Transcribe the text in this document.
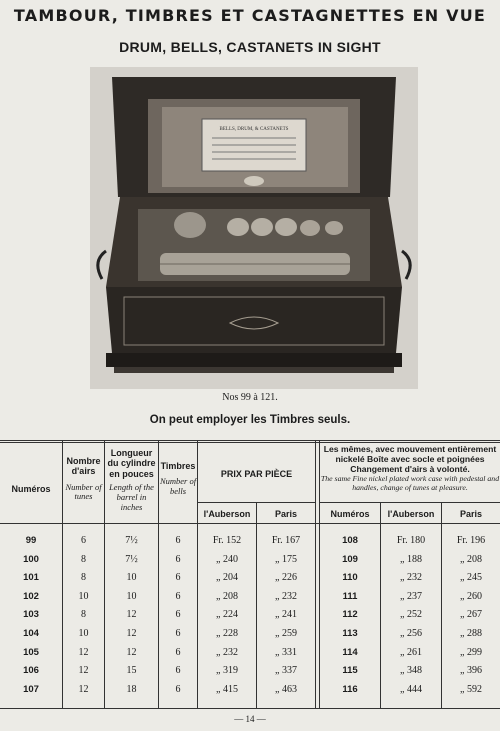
TAMBOUR, TIMBRES ET CASTAGNETTES EN VUE
DRUM, BELLS, CASTANETS IN SIGHT
BELLS, DRUM, & CASTANETS
Nos 99 à 121.
On peut employer les Timbres seuls.
Numéros
Nombre d'airs
Number of tunes
Longueur du cylindre en pouces
Length of the barrel in inches
Timbres
Number of bells
PRIX PAR PIÈCE
l'Auberson	Paris
Les mêmes, avec mouvement entièrement nickelé Boîte avec socle et poignées Changement d'airs à volonté.
The same Fine nickel plated work case with pedestal and handles, change of tunes at pleasure.
Numéros	l'Auberson	Paris
99	6	7½	6	Fr. 152	Fr. 167	108	Fr. 180	Fr. 196
100	8	7½	6	„ 240	„ 175	109	„ 188	„ 208
101	8	10	6	„ 204	„ 226	110	„ 232	„ 245
102	10	10	6	„ 208	„ 232	111	„ 237	„ 260
103	8	12	6	„ 224	„ 241	112	„ 252	„ 267
104	10	12	6	„ 228	„ 259	113	„ 256	„ 288
105	12	12	6	„ 232	„ 331	114	„ 261	„ 299
106	12	15	6	„ 319	„ 337	115	„ 348	„ 396
107	12	18	6	„ 415	„ 463	116	„ 444	„ 592
— 14 —
